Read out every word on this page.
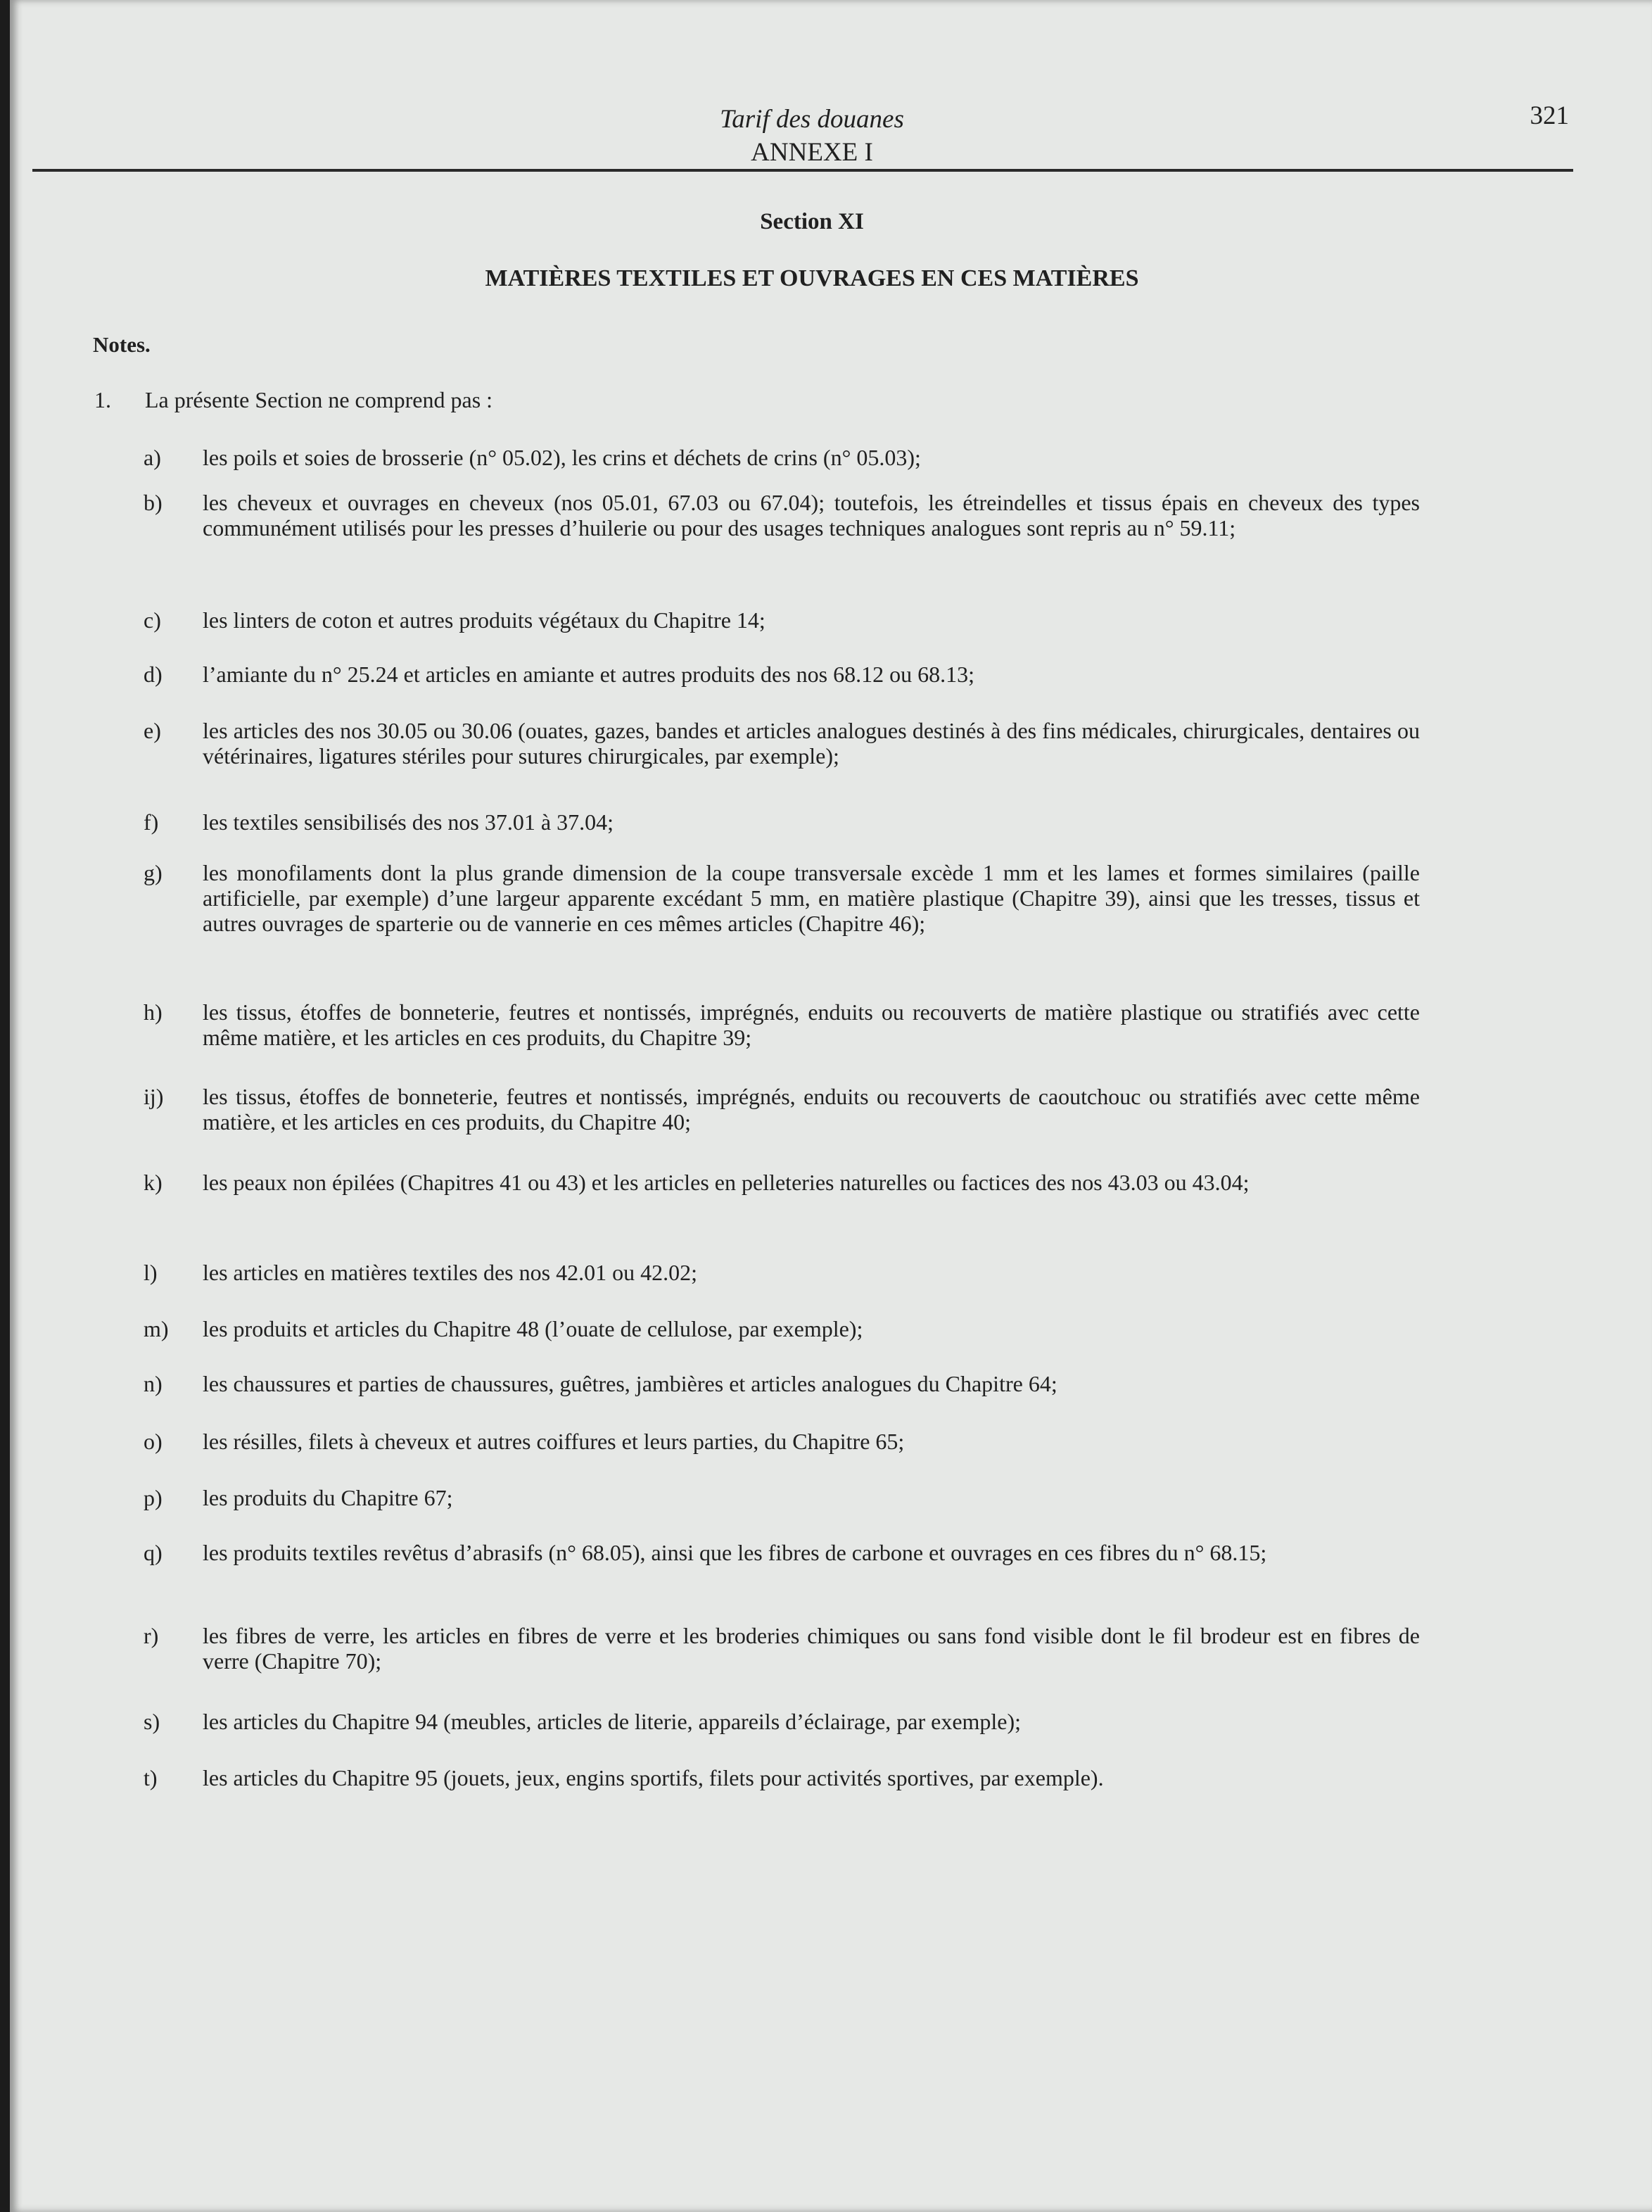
Tarif des douanes
ANNEXE I
321
Section XI
MATIÈRES TEXTILES ET OUVRAGES EN CES MATIÈRES
Notes.
1. La présente Section ne comprend pas :
a) les poils et soies de brosserie (n° 05.02), les crins et déchets de crins (n° 05.03);
b) les cheveux et ouvrages en cheveux (nos 05.01, 67.03 ou 67.04); toutefois, les étreindelles et tissus épais en cheveux des types communément utilisés pour les presses d’huilerie ou pour des usages techniques analogues sont repris au n° 59.11;
c) les linters de coton et autres produits végétaux du Chapitre 14;
d) l’amiante du n° 25.24 et articles en amiante et autres produits des nos 68.12 ou 68.13;
e) les articles des nos 30.05 ou 30.06 (ouates, gazes, bandes et articles analogues destinés à des fins médicales, chirurgicales, dentaires ou vétérinaires, ligatures stériles pour sutures chirurgicales, par exemple);
f) les textiles sensibilisés des nos 37.01 à 37.04;
g) les monofilaments dont la plus grande dimension de la coupe transversale excède 1 mm et les lames et formes similaires (paille artificielle, par exemple) d’une largeur apparente excédant 5 mm, en matière plastique (Chapitre 39), ainsi que les tresses, tissus et autres ouvrages de sparterie ou de vannerie en ces mêmes articles (Chapitre 46);
h) les tissus, étoffes de bonneterie, feutres et nontissés, imprégnés, enduits ou recouverts de matière plastique ou stratifiés avec cette même matière, et les articles en ces produits, du Chapitre 39;
ij) les tissus, étoffes de bonneterie, feutres et nontissés, imprégnés, enduits ou recouverts de caoutchouc ou stratifiés avec cette même matière, et les articles en ces produits, du Chapitre 40;
k) les peaux non épilées (Chapitres 41 ou 43) et les articles en pelleteries naturelles ou factices des nos 43.03 ou 43.04;
l) les articles en matières textiles des nos 42.01 ou 42.02;
m) les produits et articles du Chapitre 48 (l’ouate de cellulose, par exemple);
n) les chaussures et parties de chaussures, guêtres, jambières et articles analogues du Chapitre 64;
o) les résilles, filets à cheveux et autres coiffures et leurs parties, du Chapitre 65;
p) les produits du Chapitre 67;
q) les produits textiles revêtus d’abrasifs (n° 68.05), ainsi que les fibres de carbone et ouvrages en ces fibres du n° 68.15;
r) les fibres de verre, les articles en fibres de verre et les broderies chimiques ou sans fond visible dont le fil brodeur est en fibres de verre (Chapitre 70);
s) les articles du Chapitre 94 (meubles, articles de literie, appareils d’éclairage, par exemple);
t) les articles du Chapitre 95 (jouets, jeux, engins sportifs, filets pour activités sportives, par exemple).
